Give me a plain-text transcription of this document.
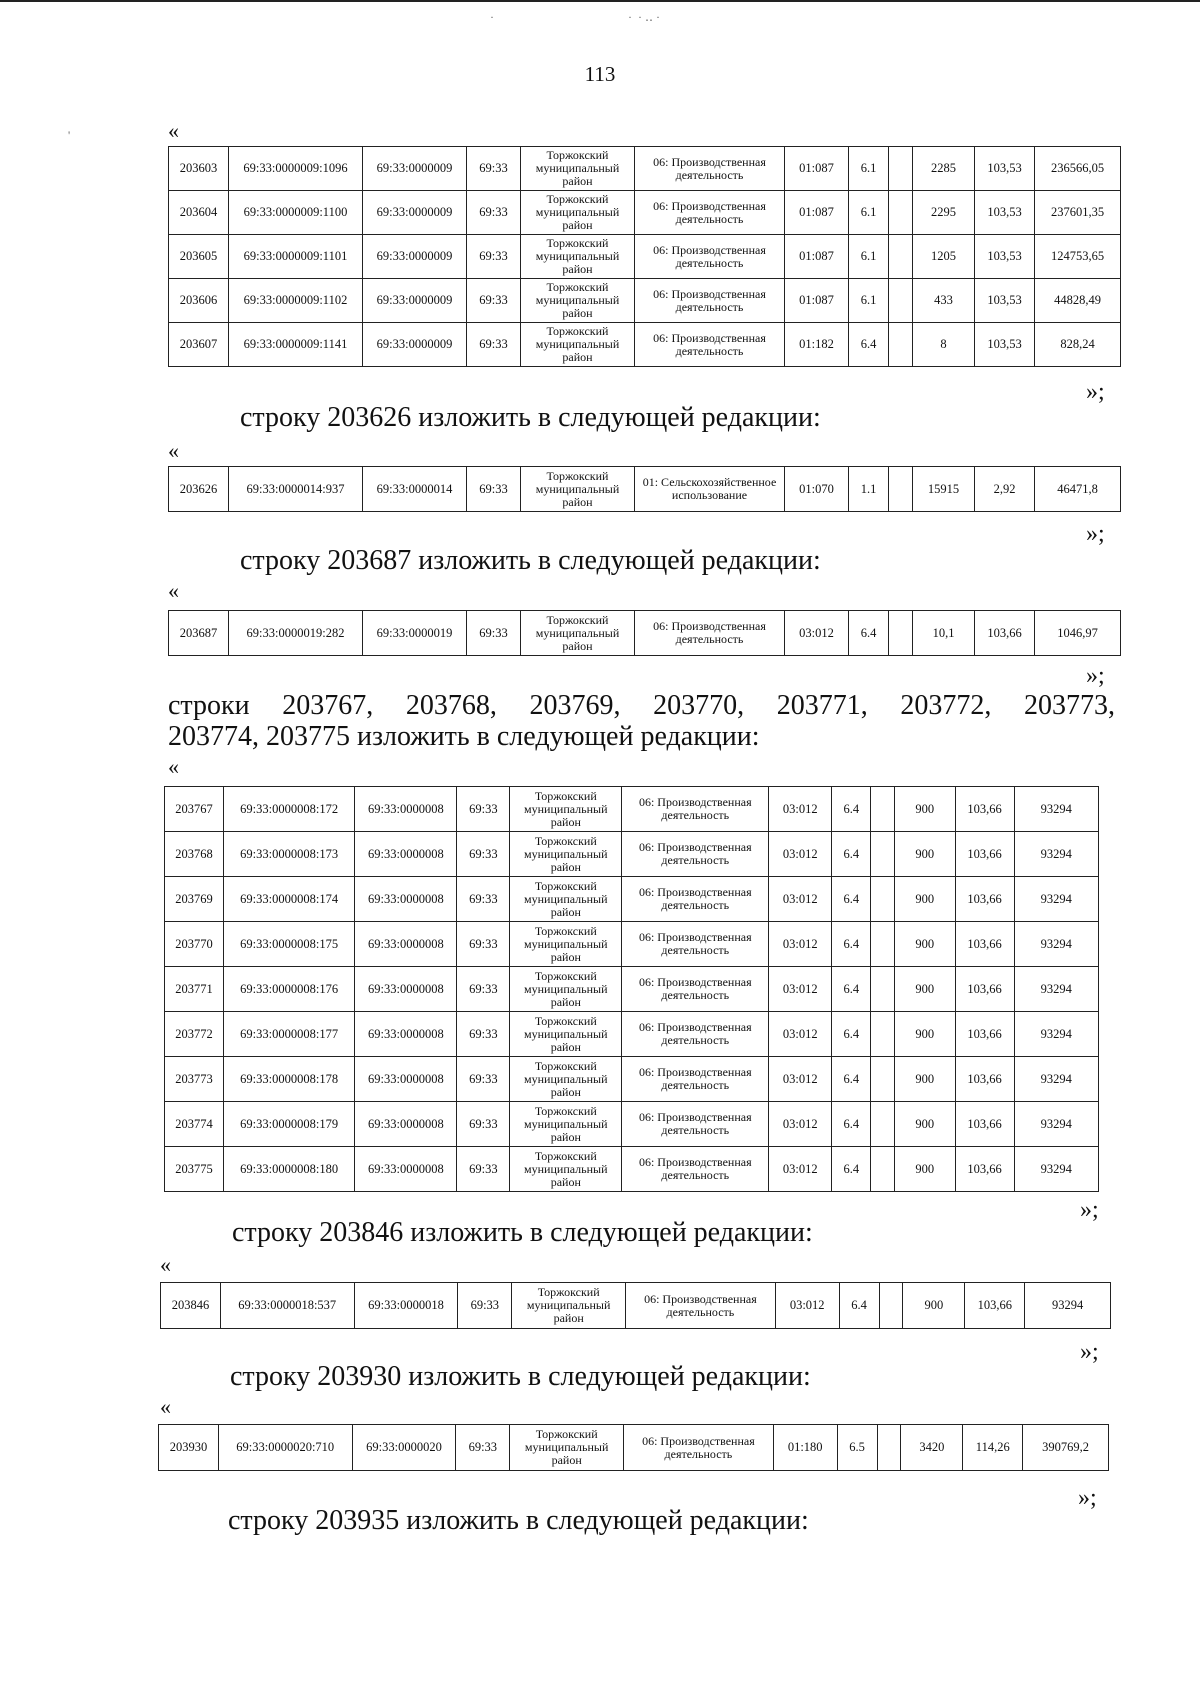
113
«
203603	69:33:0000009:1096	69:33:0000009	69:33	Торжокский муниципальный район	06: Производственная деятельность	01:087	6.1		2285	103,53	236566,05
203604	69:33:0000009:1100	69:33:0000009	69:33	Торжокский муниципальный район	06: Производственная деятельность	01:087	6.1		2295	103,53	237601,35
203605	69:33:0000009:1101	69:33:0000009	69:33	Торжокский муниципальный район	06: Производственная деятельность	01:087	6.1		1205	103,53	124753,65
203606	69:33:0000009:1102	69:33:0000009	69:33	Торжокский муниципальный район	06: Производственная деятельность	01:087	6.1		433	103,53	44828,49
203607	69:33:0000009:1141	69:33:0000009	69:33	Торжокский муниципальный район	06: Производственная деятельность	01:182	6.4		8	103,53	828,24
»;
строку 203626 изложить в следующей редакции:
«
203626	69:33:0000014:937	69:33:0000014	69:33	Торжокский муниципальный район	01: Сельскохозяйственное использование	01:070	1.1		15915	2,92	46471,8
»;
строку 203687 изложить в следующей редакции:
«
203687	69:33:0000019:282	69:33:0000019	69:33	Торжокский муниципальный район	06: Производственная деятельность	03:012	6.4		10,1	103,66	1046,97
»;
строки 203767, 203768, 203769, 203770, 203771, 203772, 203773,
203774, 203775 изложить в следующей редакции:
«
203767	69:33:0000008:172	69:33:0000008	69:33	Торжокский муниципальный район	06: Производственная деятельность	03:012	6.4		900	103,66	93294
203768	69:33:0000008:173	69:33:0000008	69:33	Торжокский муниципальный район	06: Производственная деятельность	03:012	6.4		900	103,66	93294
203769	69:33:0000008:174	69:33:0000008	69:33	Торжокский муниципальный район	06: Производственная деятельность	03:012	6.4		900	103,66	93294
203770	69:33:0000008:175	69:33:0000008	69:33	Торжокский муниципальный район	06: Производственная деятельность	03:012	6.4		900	103,66	93294
203771	69:33:0000008:176	69:33:0000008	69:33	Торжокский муниципальный район	06: Производственная деятельность	03:012	6.4		900	103,66	93294
203772	69:33:0000008:177	69:33:0000008	69:33	Торжокский муниципальный район	06: Производственная деятельность	03:012	6.4		900	103,66	93294
203773	69:33:0000008:178	69:33:0000008	69:33	Торжокский муниципальный район	06: Производственная деятельность	03:012	6.4		900	103,66	93294
203774	69:33:0000008:179	69:33:0000008	69:33	Торжокский муниципальный район	06: Производственная деятельность	03:012	6.4		900	103,66	93294
203775	69:33:0000008:180	69:33:0000008	69:33	Торжокский муниципальный район	06: Производственная деятельность	03:012	6.4		900	103,66	93294
»;
строку 203846 изложить в следующей редакции:
«
203846	69:33:0000018:537	69:33:0000018	69:33	Торжокский муниципальный район	06: Производственная деятельность	03:012	6.4		900	103,66	93294
»;
строку 203930 изложить в следующей редакции:
«
203930	69:33:0000020:710	69:33:0000020	69:33	Торжокский муниципальный район	06: Производственная деятельность	01:180	6.5		3420	114,26	390769,2
»;
строку 203935 изложить в следующей редакции:
·	·  · ‥ ·
'
